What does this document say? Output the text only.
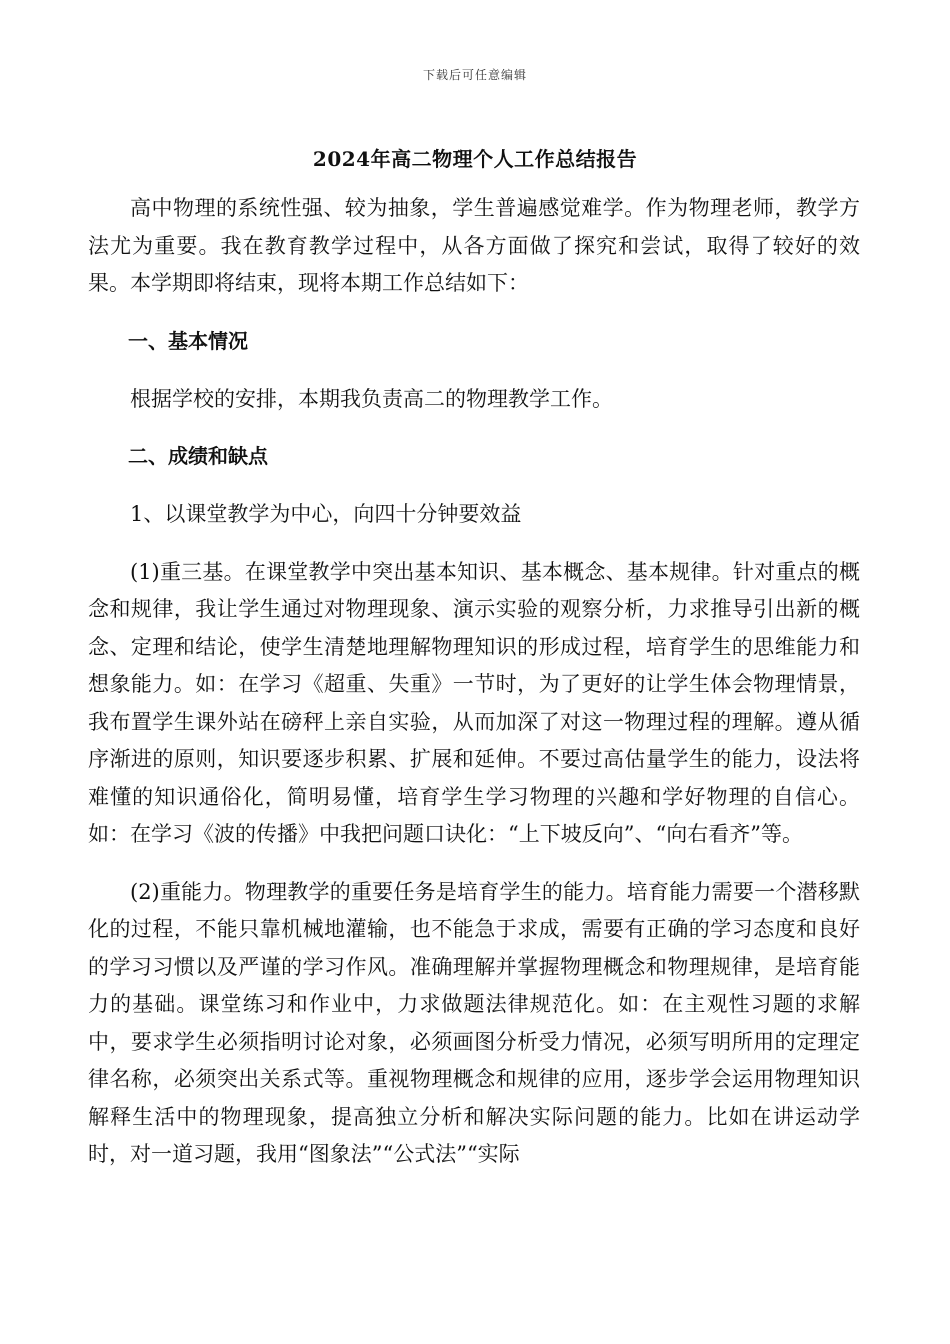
下载后可任意编辑
2024年高二物理个人工作总结报告

高中物理的系统性强、较为抽象，学生普遍感觉难学。作为物理老师，教学方法尤为重要。我在教育教学过程中，从各方面做了探究和尝试，取得了较好的效果。本学期即将结束，现将本期工作总结如下：

一、基本情况

根据学校的安排，本期我负责高二的物理教学工作。

二、成绩和缺点

1、以课堂教学为中心，向四十分钟要效益

(1)重三基。在课堂教学中突出基本知识、基本概念、基本规律。针对重点的概念和规律，我让学生通过对物理现象、演示实验的观察分析，力求推导引出新的概念、定理和结论，使学生清楚地理解物理知识的形成过程，培育学生的思维能力和想象能力。如：在学习《超重、失重》一节时，为了更好的让学生体会物理情景，我布置学生课外站在磅秤上亲自实验，从而加深了对这一物理过程的理解。遵从循序渐进的原则，知识要逐步积累、扩展和延伸。不要过高估量学生的能力，设法将难懂的知识通俗化，简明易懂，培育学生学习物理的兴趣和学好物理的自信心。如：在学习《波的传播》中我把问题口诀化：“上下坡反向”、“向右看齐”等。

(2)重能力。物理教学的重要任务是培育学生的能力。培育能力需要一个潜移默化的过程，不能只靠机械地灌输，也不能急于求成，需要有正确的学习态度和良好的学习习惯以及严谨的学习作风。准确理解并掌握物理概念和物理规律，是培育能力的基础。课堂练习和作业中，力求做题法律规范化。如：在主观性习题的求解中，要求学生必须指明讨论对象，必须画图分析受力情况，必须写明所用的定理定律名称，必须突出关系式等。重视物理概念和规律的应用，逐步学会运用物理知识解释生活中的物理现象，提高独立分析和解决实际问题的能力。比如在讲运动学时，对一道习题，我用“图象法”“公式法”“实际
